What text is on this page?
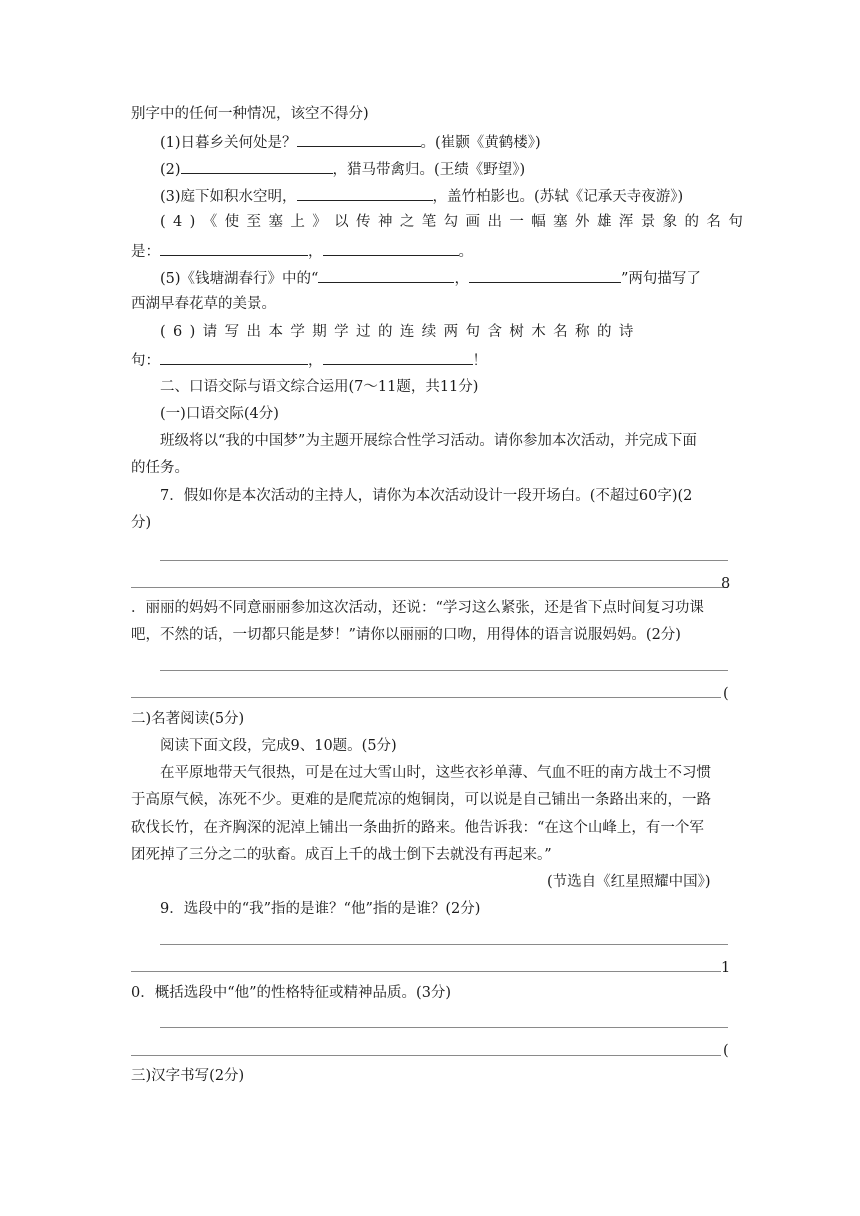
别字中的任何一种情况，该空不得分)
(1)日暮乡关何处是？	。(崔颢《黄鹤楼》)
(2)	，猎马带禽归。(王绩《野望》)
(3)庭下如积水空明，	，盖竹柏影也。(苏轼《记承天寺夜游》)
(4)《使至塞上》以传神之笔勾画出一幅塞外雄浑景象的名句
是：	，	。
(5)《钱塘湖春行》中的“	，	”两句描写了
西湖早春花草的美景。
(6)请写出本学期学过的连续两句含树木名称的诗
句：	，	！
二、口语交际与语文综合运用(7～11题，共11分)
(一)口语交际(4分)
班级将以“我的中国梦”为主题开展综合性学习活动。请你参加本次活动，并完成下面
的任务。
7．假如你是本次活动的主持人，请你为本次活动设计一段开场白。(不超过60字)(2
分)
8
．丽丽的妈妈不同意丽丽参加这次活动，还说：“学习这么紧张，还是省下点时间复习功课
吧，不然的话，一切都只能是梦！”请你以丽丽的口吻，用得体的语言说服妈妈。(2分)
(
二)名著阅读(5分)
阅读下面文段，完成9、10题。(5分)
在平原地带天气很热，可是在过大雪山时，这些衣衫单薄、气血不旺的南方战士不习惯
于高原气候，冻死不少。更难的是爬荒凉的炮铜岗，可以说是自己铺出一条路出来的，一路
砍伐长竹，在齐胸深的泥淖上铺出一条曲折的路来。他告诉我：“在这个山峰上，有一个军
团死掉了三分之二的驮畜。成百上千的战士倒下去就没有再起来。”
(节选自《红星照耀中国》)
9．选段中的“我”指的是谁？“他”指的是谁？(2分)
1
0．概括选段中“他”的性格特征或精神品质。(3分)
(
三)汉字书写(2分)
